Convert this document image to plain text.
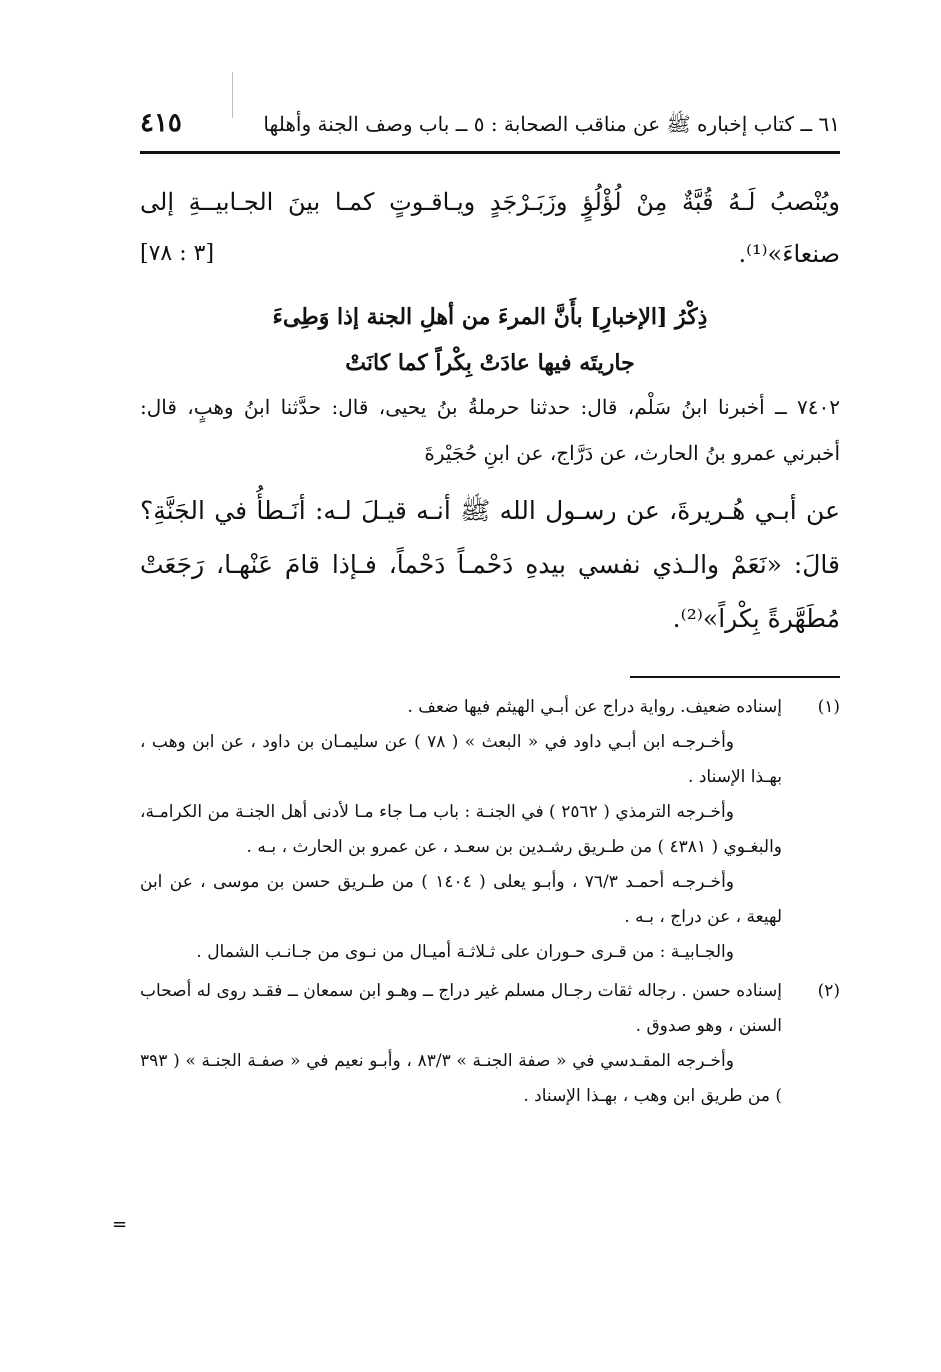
٦١ ــ كتاب إخباره ﷺ عن مناقب الصحابة : ٥ ــ باب وصف الجنة وأهلها
٤١٥
ويُنْصبُ لَـهُ قُبَّةٌ مِنْ لُؤْلُؤٍ وزَبَـرْجَدٍ ويـاقـوتٍ كمـا بينَ الجـابيــةِ إلى صنعاءَ»⁽¹⁾.
[٣ : ٧٨]
ذِكْرُ [الإخبارِ] بأَنَّ المرءَ من أهلِ الجنة إذا وَطِىءَ
جاريتَه فيها عادَتْ بِكْراً كما كانَتْ
٧٤٠٢ ــ أخبرنا ابنُ سَلْم، قال: حدثنا حرملةُ بنُ يحيى، قال: حدَّثنا ابنُ وهبٍ، قال: أخبرني عمرو بنُ الحارث، عن دَرَّاج، عن ابنِ حُجَيْرةَ
عن أبـي هُـريرةَ، عن رسـول الله ﷺ أنـه قيـلَ لـه: أنَـطأُ في الجَنَّةِ؟ قالَ: «نَعَمْ والـذي نفسي بيدهِ دَحْمـاً دَحْماً، فـإذا قامَ عَنْهـا، رَجَعَتْ مُطَهَّرةً بِكْراً»⁽²⁾.
(١)

إسناده ضعيف. رواية دراج عن أبـي الهيثم فيها ضعف .

وأخـرجـه ابن أبـي داود في « البعث » ( ٧٨ ) عن سليمـان بن داود ، عن ابن وهب ، بهـذا الإسناد .

وأخـرجه الترمذي ( ٢٥٦٢ ) في الجنـة : باب مـا جاء مـا لأدنى أهل الجنـة من الكرامـة، والبغـوي ( ٤٣٨١ ) من طـريق رشـدين بن سعـد ، عن عمرو بن الحارث ، بـه .

وأخـرجـه أحمـد ٧٦/٣ ، وأبـو يعلى ( ١٤٠٤ ) من طـريق حسن بن موسى ، عن ابن لهيعة ، عن دراج ، بـه .

والجـابيـة : من قـرى حـوران على ثـلاثـة أميـال من نـوى من جـانـب الشمال .

(٢)

إسناده حسن . رجاله ثقات رجـال مسلم غير دراج ــ وهـو ابن سمعان ــ فقـد روى له أصحاب السنن ، وهو صدوق .

وأخـرجه المقـدسي في « صفة الجنـة » ٨٣/٣ ، وأبـو نعيم في « صفـة الجنـة » ( ٣٩٣ ) من طريق ابن وهب ، بهـذا الإسناد .

=
